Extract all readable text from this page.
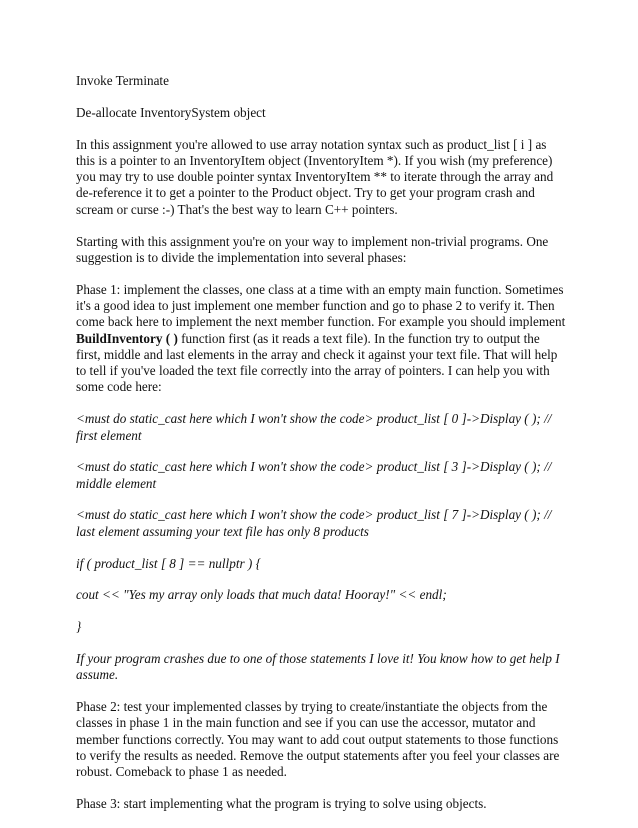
Invoke Terminate

De-allocate InventorySystem object

In this assignment you're allowed to use array notation syntax such as product_list [ i ] as this is a pointer to an InventoryItem object (InventoryItem *). If you wish (my preference) you may try to use double pointer syntax InventoryItem ** to iterate through the array and de-reference it to get a pointer to the Product object. Try to get your program crash and scream or curse :-) That's the best way to learn C++ pointers.

Starting with this assignment you're on your way to implement non-trivial programs. One suggestion is to divide the implementation into several phases:

Phase 1: implement the classes, one class at a time with an empty main function. Sometimes it's a good idea to just implement one member function and go to phase 2 to verify it. Then come back here to implement the next member function. For example you should implement BuildInventory ( ) function first (as it reads a text file). In the function try to output the first, middle and last elements in the array and check it against your text file. That will help to tell if you've loaded the text file correctly into the array of pointers. I can help you with some code here:

<must do static_cast here which I won't show the code> product_list [ 0 ]->Display ( ); // first element

<must do static_cast here which I won't show the code> product_list [ 3 ]->Display ( ); // middle element

<must do static_cast here which I won't show the code> product_list [ 7 ]->Display ( ); // last element assuming your text file has only 8 products

if ( product_list [ 8 ] == nullptr ) {

cout << "Yes my array only loads that much data! Hooray!" << endl;

}

If your program crashes due to one of those statements I love it! You know how to get help I assume.

Phase 2: test your implemented classes by trying to create/instantiate the objects from the classes in phase 1 in the main function and see if you can use the accessor, mutator and member functions correctly. You may want to add cout output statements to those functions to verify the results as needed. Remove the output statements after you feel your classes are robust. Comeback to phase 1 as needed.

Phase 3: start implementing what the program is trying to solve using objects.
